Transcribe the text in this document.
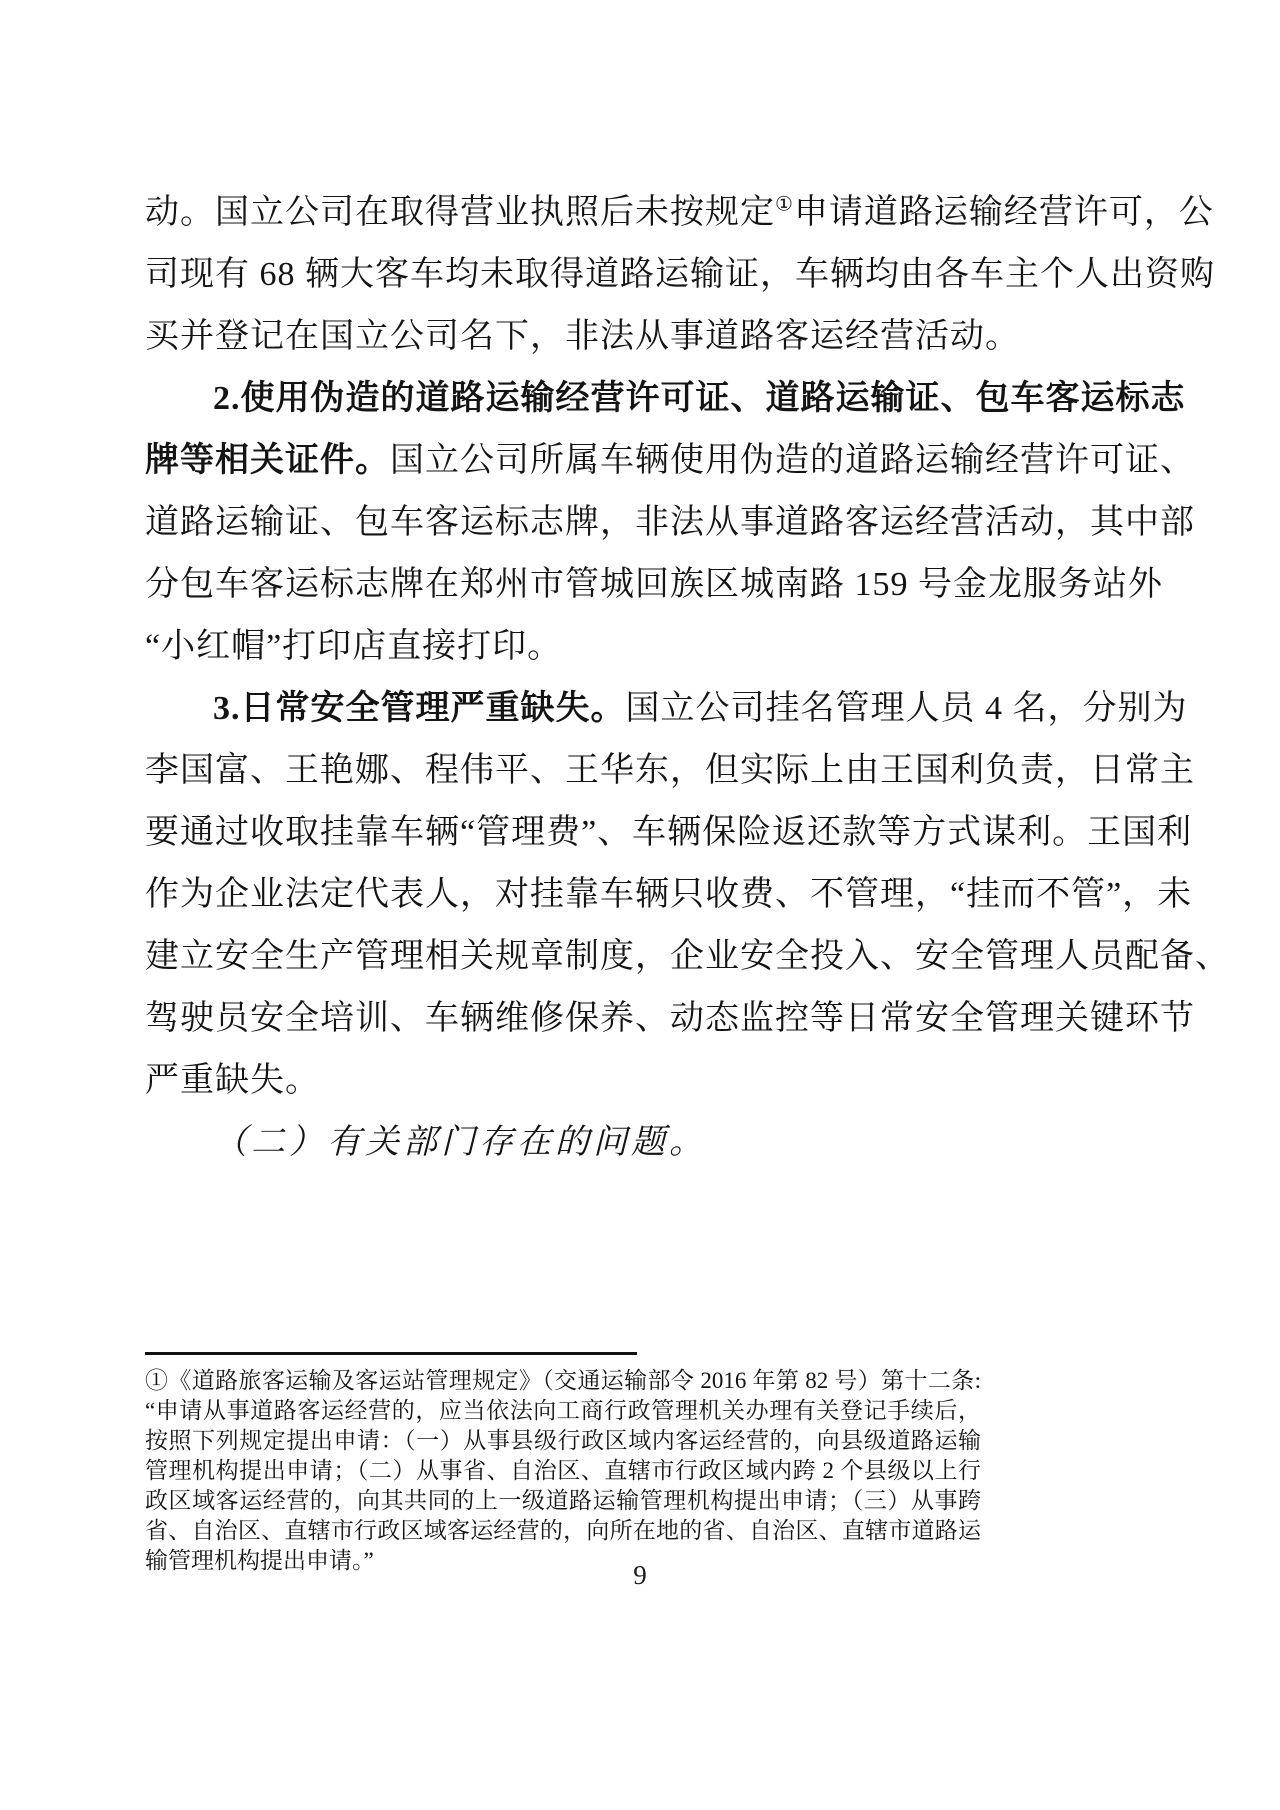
动。国立公司在取得营业执照后未按规定①申请道路运输经营许可，公
司现有 68 辆大客车均未取得道路运输证，车辆均由各车主个人出资购
买并登记在国立公司名下，非法从事道路客运经营活动。
2.使用伪造的道路运输经营许可证、道路运输证、包车客运标志
牌等相关证件。国立公司所属车辆使用伪造的道路运输经营许可证、
道路运输证、包车客运标志牌，非法从事道路客运经营活动，其中部
分包车客运标志牌在郑州市管城回族区城南路 159 号金龙服务站外
“小红帽”打印店直接打印。
3.日常安全管理严重缺失。国立公司挂名管理人员 4 名，分别为
李国富、王艳娜、程伟平、王华东，但实际上由王国利负责，日常主
要通过收取挂靠车辆“管理费”、车辆保险返还款等方式谋利。王国利
作为企业法定代表人，对挂靠车辆只收费、不管理，“挂而不管”，未
建立安全生产管理相关规章制度，企业安全投入、安全管理人员配备、
驾驶员安全培训、车辆维修保养、动态监控等日常安全管理关键环节
严重缺失。
（二）有关部门存在的问题。
①《道路旅客运输及客运站管理规定》（交通运输部令 2016 年第 82 号）第十二条:
“申请从事道路客运经营的，应当依法向工商行政管理机关办理有关登记手续后，
按照下列规定提出申请：（一）从事县级行政区域内客运经营的，向县级道路运输
管理机构提出申请；（二）从事省、自治区、直辖市行政区域内跨 2 个县级以上行
政区域客运经营的，向其共同的上一级道路运输管理机构提出申请；（三）从事跨
省、自治区、直辖市行政区域客运经营的，向所在地的省、自治区、直辖市道路运
输管理机构提出申请。”	9
